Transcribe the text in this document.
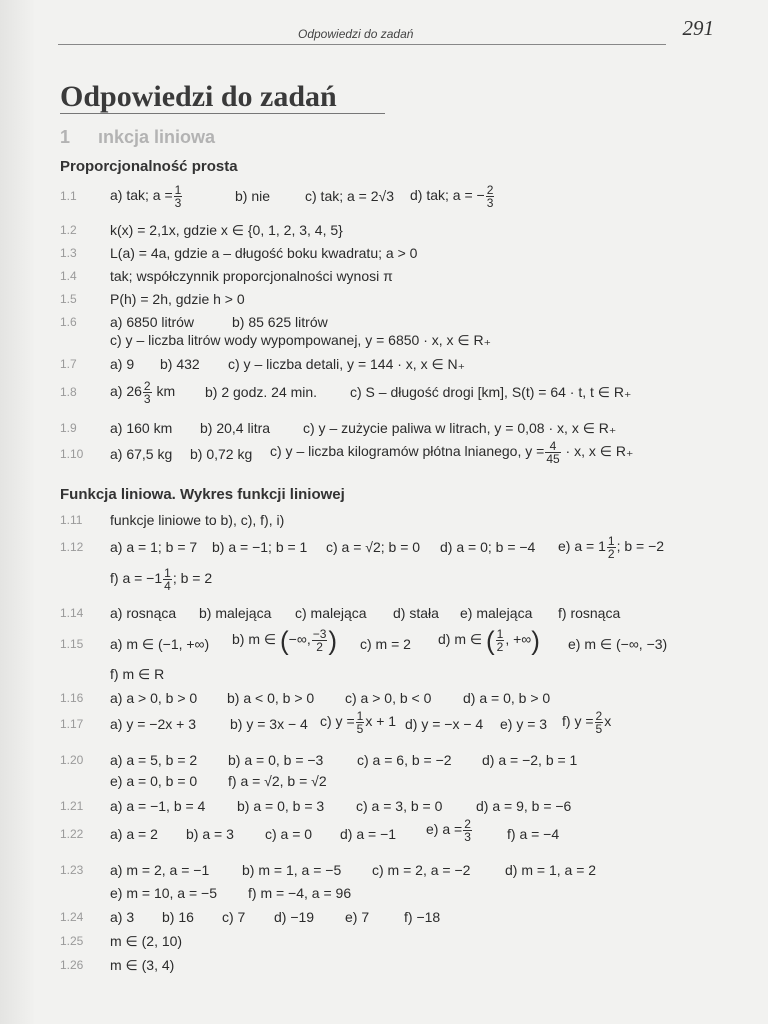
Odpowiedzi do zadań	291
Odpowiedzi do zadań
1 ınkcja liniowa
Proporcjonalność prosta
1.1 a) tak; $a = \frac{1}{3}$	b) nie c) tak; a = 2√3 d) tak; a = − $\frac{2}{3}$
1.2 k(x) = 2,1x, gdzie x ∈ {0, 1, 2, 3, 4, 5}
1.3 L(a) = 4a, gdzie a – długość boku kwadratu; a > 0
1.4 tak; współczynnik proporcjonalności wynosi π
1.5 P(h) = 2h, gdzie h > 0
1.6 a) 6850 litrów	b) 85 625 litrów
c) y – liczba litrów wody wypompowanej, y = 6850 · x, x ∈ R₊
1.7 a) 9 b) 432 c) y – liczba detali, y = 144 · x, x ∈ N₊
1.8 a) $26 \frac{2}{3}$ km b) 2 godz. 24 min. c) S – długość drogi [km], S(t) = 64 · t, t ∈ R₊
1.9 a) 160 km b) 20,4 litra c) y – zużycie paliwa w litrach, y = 0,08 · x, x ∈ R₊
1.10 a) 67,5 kg b) 0,72 kg c) y – liczba kilogramów płótna lnianego, $y = \frac{4}{45} \cdot x$, x ∈ R₊
Funkcja liniowa. Wykres funkcji liniowej
1.11 funkcje liniowe to b), c), f), i)
1.12 a) a = 1; b = 7 b) a = −1; b = 1 c) a = √2; b = 0 d) a = 0; b = −4 e) $a = 1 \frac{1}{2}$ ; b = −2
f) $a = -1 \frac{1}{4}$ ; b = 2
1.14 a) rosnąca b) malejąca c) malejąca d) stała e) malejąca f) rosnąca
1.15 a) m ∈ (−1, +∞) b) m ∈ (−∞, $\frac{-3}{2}$ ) c) m = 2 d) m ∈ ( $\frac{1}{2}$ , +∞) e) m ∈ (−∞, −3)
f) m ∈ R
1.16 a) a > 0, b > 0 b) a < 0, b > 0 c) a > 0, b < 0 d) a = 0, b > 0
1.17 a) y = −2x + 3 b) y = 3x − 4 c) $y = \frac{1}{5}$ x + 1 d) y = −x − 4 e) y = 3 f) $y = \frac{2}{5}$ x
1.20 a) a = 5, b = 2 b) a = 0, b = −3 c) a = 6, b = −2 d) a = −2, b = 1
e) a = 0, b = 0 f) a = √2, b = √2
1.21 a) a = −1, b = 4 b) a = 0, b = 3 c) a = 3, b = 0 d) a = 9, b = −6
1.22 a) a = 2 b) a = 3 c) a = 0 d) a = −1 e) $a = \frac{2}{3}$	f) a = −4
1.23 a) m = 2, a = −1 b) m = 1, a = −5 c) m = 2, a = −2 d) m = 1, a = 2
e) m = 10, a = −5 f) m = −4, a = 96
1.24 a) 3 b) 16 c) 7 d) −19 e) 7 f) −18
1.25 m ∈ (2, 10)
1.26 m ∈ (3, 4)
